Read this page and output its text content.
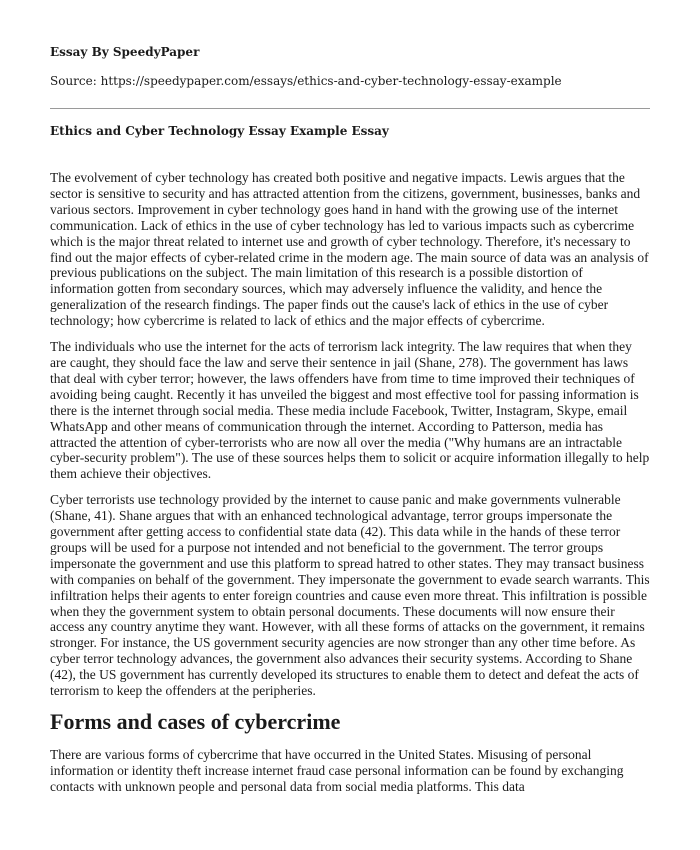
Essay By SpeedyPaper
Source: https://speedypaper.com/essays/ethics-and-cyber-technology-essay-example
Ethics and Cyber Technology Essay Example Essay

The evolvement of cyber technology has created both positive and negative impacts. Lewis argues that the sector is sensitive to security and has attracted attention from the citizens, government, businesses, banks and various sectors. Improvement in cyber technology goes hand in hand with the growing use of the internet communication. Lack of ethics in the use of cyber technology has led to various impacts such as cybercrime which is the major threat related to internet use and growth of cyber technology. Therefore, it's necessary to find out the major effects of cyber-related crime in the modern age. The main source of data was an analysis of previous publications on the subject. The main limitation of this research is a possible distortion of information gotten from secondary sources, which may adversely influence the validity, and hence the generalization of the research findings. The paper finds out the cause's lack of ethics in the use of cyber technology; how cybercrime is related to lack of ethics and the major effects of cybercrime.

The individuals who use the internet for the acts of terrorism lack integrity. The law requires that when they are caught, they should face the law and serve their sentence in jail (Shane, 278). The government has laws that deal with cyber terror; however, the laws offenders have from time to time improved their techniques of avoiding being caught. Recently it has unveiled the biggest and most effective tool for passing information is there is the internet through social media. These media include Facebook, Twitter, Instagram, Skype, email WhatsApp and other means of communication through the internet. According to Patterson, media has attracted the attention of cyber-terrorists who are now all over the media ("Why humans are an intractable cyber-security problem"). The use of these sources helps them to solicit or acquire information illegally to help them achieve their objectives.

Cyber terrorists use technology provided by the internet to cause panic and make governments vulnerable (Shane, 41). Shane argues that with an enhanced technological advantage, terror groups impersonate the government after getting access to confidential state data (42). This data while in the hands of these terror groups will be used for a purpose not intended and not beneficial to the government. The terror groups impersonate the government and use this platform to spread hatred to other states. They may transact business with companies on behalf of the government. They impersonate the government to evade search warrants. This infiltration helps their agents to enter foreign countries and cause even more threat. This infiltration is possible when they the government system to obtain personal documents. These documents will now ensure their access any country anytime they want. However, with all these forms of attacks on the government, it remains stronger. For instance, the US government security agencies are now stronger than any other time before. As cyber terror technology advances, the government also advances their security systems. According to Shane (42), the US government has currently developed its structures to enable them to detect and defeat the acts of terrorism to keep the offenders at the peripheries.

Forms and cases of cybercrime

There are various forms of cybercrime that have occurred in the United States. Misusing of personal information or identity theft increase internet fraud case personal information can be found by exchanging contacts with unknown people and personal data from social media platforms. This data
